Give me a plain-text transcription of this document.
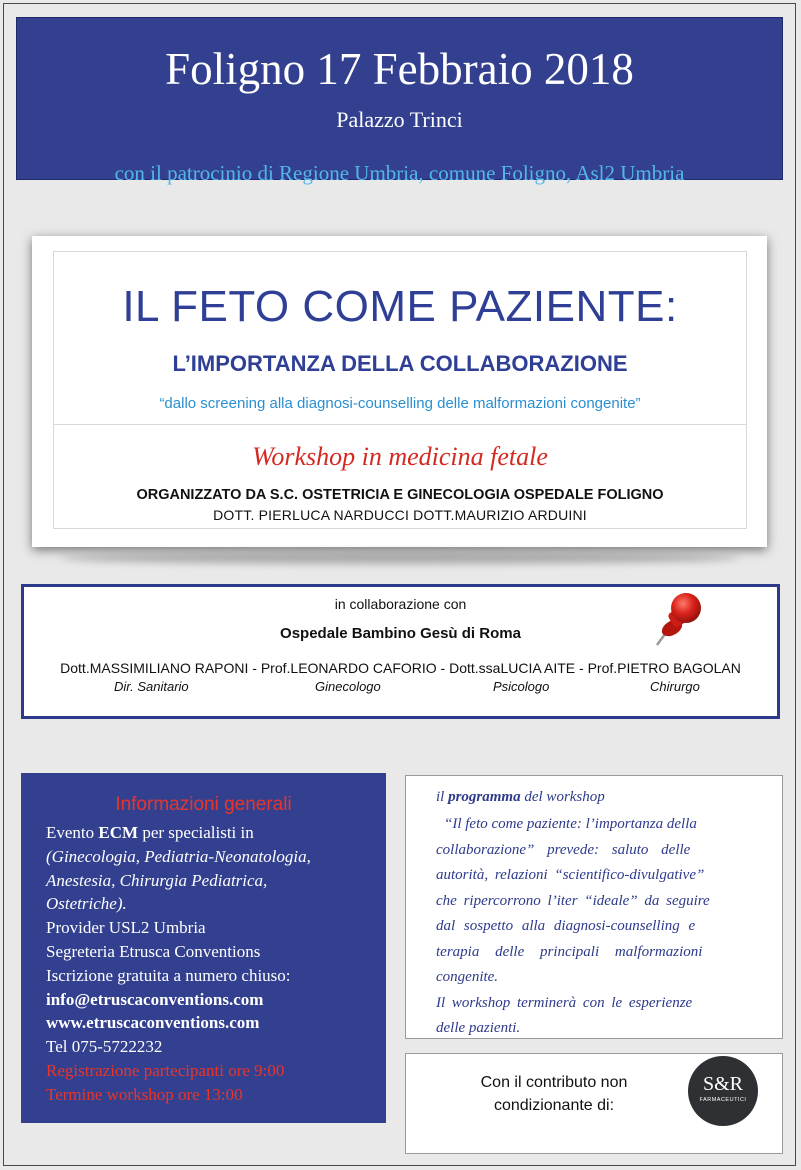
Foligno 17 Febbraio 2018
Palazzo Trinci
con il patrocinio di Regione Umbria, comune Foligno, Asl2 Umbria
IL FETO COME PAZIENTE:
L’IMPORTANZA DELLA COLLABORAZIONE
“dallo screening alla diagnosi-counselling delle malformazioni congenite”
Workshop in medicina fetale
ORGANIZZATO DA S.C. OSTETRICIA E GINECOLOGIA OSPEDALE FOLIGNO
DOTT. PIERLUCA NARDUCCI DOTT.MAURIZIO ARDUINI
in collaborazione con
Ospedale Bambino Gesù di Roma
Dott.MASSIMILIANO RAPONI - Prof.LEONARDO CAFORIO - Dott.ssaLUCIA AITE - Prof.PIETRO BAGOLAN
Dir. Sanitario	Ginecologo	Psicologo	Chirurgo
Informazioni generali
Evento ECM per specialisti in
(Ginecologia, Pediatria-Neonatologia,
Anestesia, Chirurgia Pediatrica,
Ostetriche).
Provider USL2 Umbria
Segreteria Etrusca Conventions
Iscrizione gratuita a numero chiuso:
info@etruscaconventions.com
www.etruscaconventions.com
Tel 075-5722232
Registrazione partecipanti ore 9:00
Termine workshop ore 13:00
il programma del workshop
“Il feto come paziente: l’importanza della
collaborazione” prevede: saluto delle
autorità, relazioni “scientifico-divulgative”
che ripercorrono l’iter “ideale” da seguire
dal sospetto alla diagnosi-counselling e
terapia delle principali malformazioni
congenite.
Il workshop terminerà con le esperienze
delle pazienti.
Con il contributo non
condizionante di:
S&R
FARMACEUTICI
